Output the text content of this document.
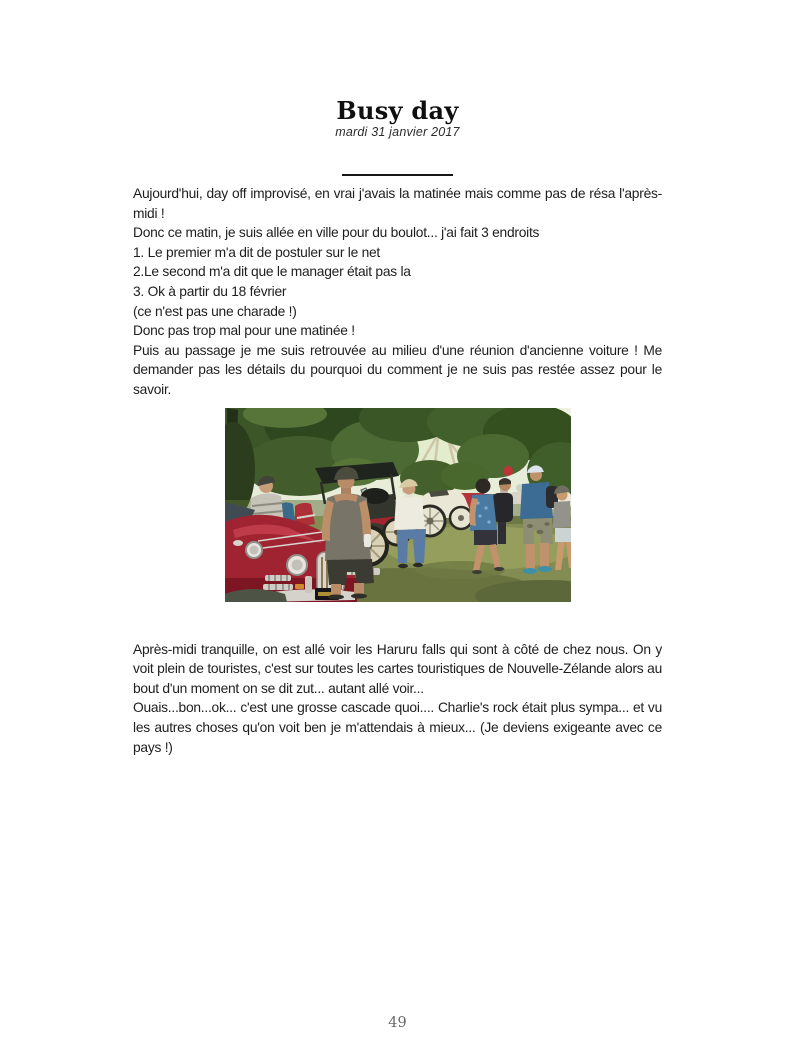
Busy day
mardi 31 janvier 2017

Aujourd'hui, day off improvisé, en vrai j'avais la matinée mais comme pas de résa l'après-midi !

Donc ce matin, je suis allée en ville pour du boulot... j'ai fait 3 endroits

1. Le premier m'a dit de postuler sur le net

2.Le second m'a dit que le manager était pas la

3. Ok à partir du 18 février

(ce n'est pas une charade !)

Donc pas trop mal pour une matinée !

Puis au passage je me suis retrouvée au milieu d'une réunion d'ancienne voiture ! Me demander pas les détails du pourquoi du comment je ne suis pas restée assez pour le savoir.

Après-midi tranquille, on est allé voir les Haruru falls qui sont à côté de chez nous. On y voit plein de touristes, c'est sur toutes les cartes touristiques de Nouvelle-Zélande alors au bout d'un moment on se dit zut... autant allé voir...

Ouais...bon...ok... c'est une grosse cascade quoi.... Charlie's rock était plus sympa... et vu les autres choses qu'on voit ben je m'attendais à mieux... (Je deviens exigeante avec ce pays !)

49
